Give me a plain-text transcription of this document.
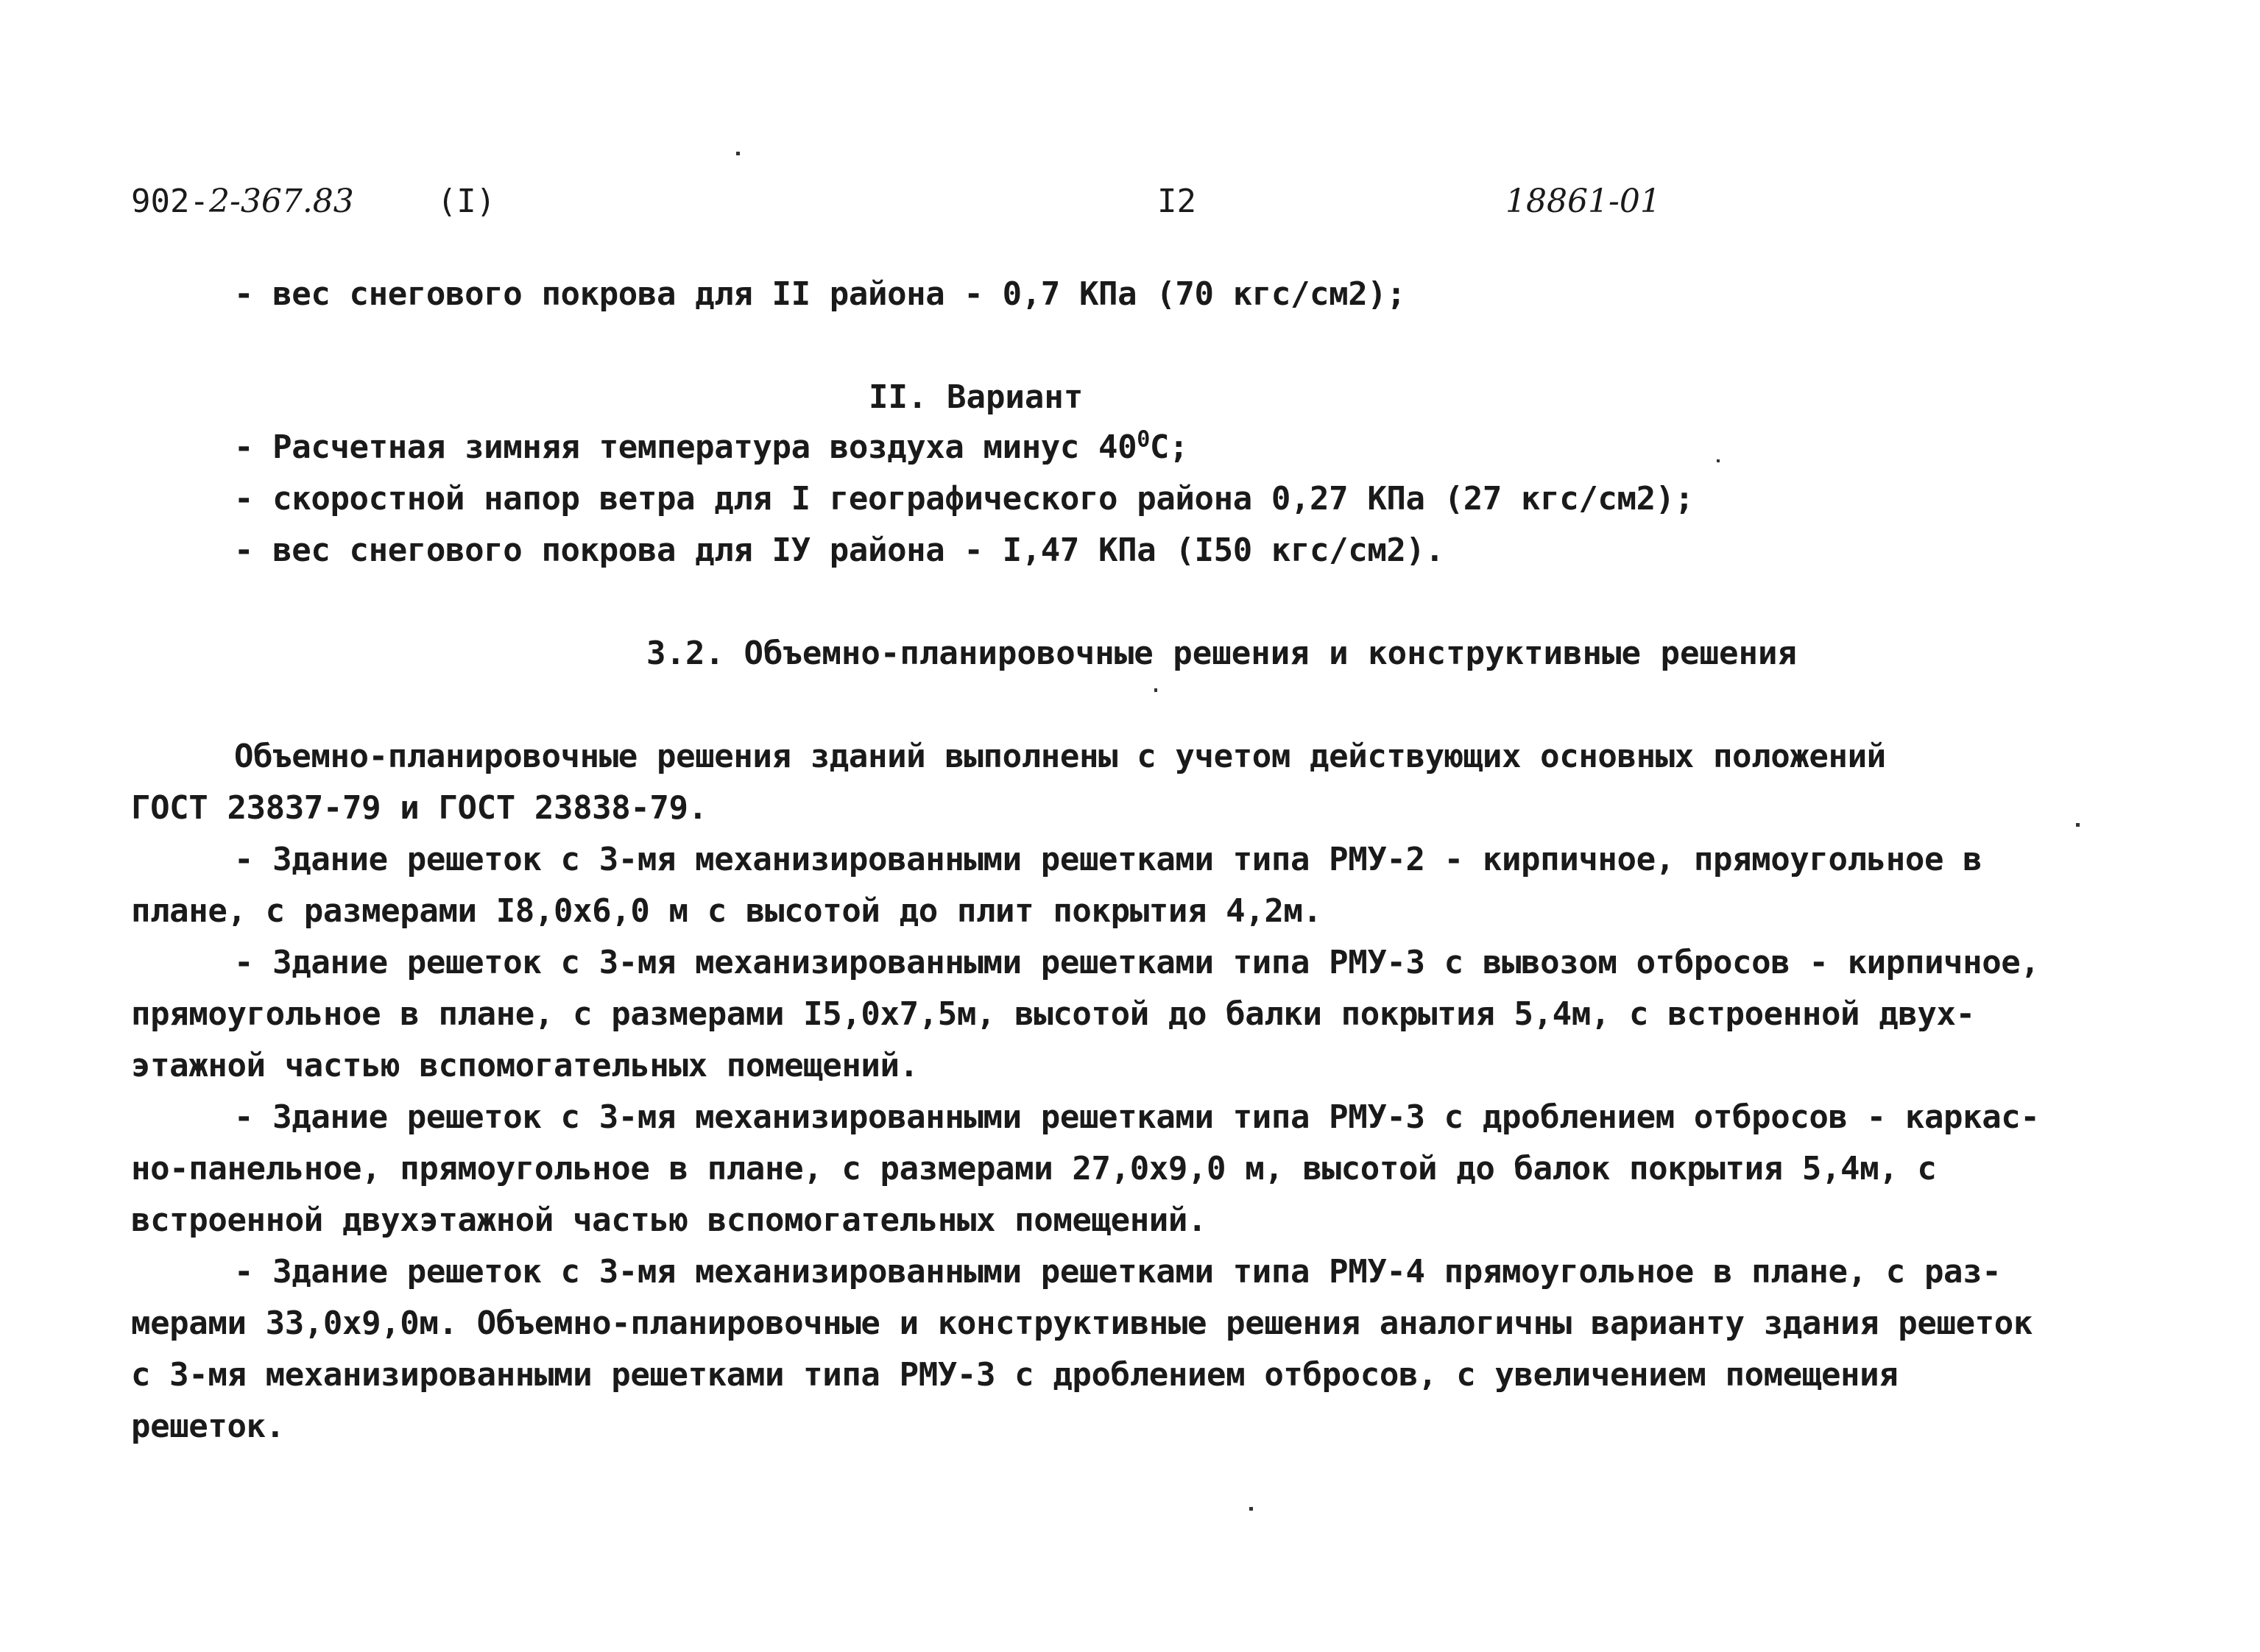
902-2-367.83	(I)	I2	18861-01
- вес снегового покрова для II района - 0,7 КПа (70 кгс/см2);
II. Вариант
- Расчетная зимняя температура воздуха минус $40^0С$;
- скоростной напор ветра для I географического района 0,27 КПа (27 кгс/см2);
- вес снегового покрова для IУ района - I,47 КПа (I50 кгс/см2).
3.2. Объемно-планировочные решения и конструктивные решения
Объемно-планировочные решения зданий выполнены с учетом действующих основных положений
ГОСТ 23837-79 и ГОСТ 23838-79.
- Здание решеток с 3-мя механизированными решетками типа РМУ-2 - кирпичное, прямоугольное в
плане, с размерами I8,0х6,0 м с высотой до плит покрытия 4,2м.
- Здание решеток с 3-мя механизированными решетками типа РМУ-3 с вывозом отбросов - кирпичное,
прямоугольное в плане, с размерами I5,0х7,5м, высотой до балки покрытия 5,4м, с встроенной двух-
этажной частью вспомогательных помещений.
- Здание решеток с 3-мя механизированными решетками типа РМУ-3 с дроблением отбросов - каркас-
но-панельное, прямоугольное в плане, с размерами 27,0х9,0 м, высотой до балок покрытия 5,4м, с
встроенной двухэтажной частью вспомогательных помещений.
- Здание решеток с 3-мя механизированными решетками типа РМУ-4 прямоугольное в плане, с раз-
мерами 33,0х9,0м. Объемно-планировочные и конструктивные решения аналогичны варианту здания решеток
с 3-мя механизированными решетками типа РМУ-3 с дроблением отбросов, с увеличением помещения
решеток.
